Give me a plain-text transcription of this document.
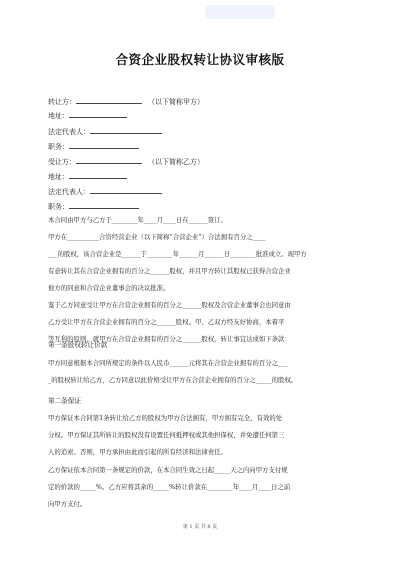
合资企业股权转让协议审核版
转让方：	（以下简称甲方）
地址：
法定代表人：
职务：
受让方：	（以下简称乙方）
地址：
法定代表人：
职务：
本合同由甲方与乙方于________年____月____日在______签订。
甲方在__________合资经营企业（以下简称“合营企业”）合法拥有百分之____
___的股权，该合营企业是______于________年______月______日________批准成立。现甲方
有意转让其在合营企业拥有的百分之______股权，并且甲方转让其股权已获得合营企业
他方的同意和合营企业董事会的决议批准。
鉴于乙方同意受让甲方在合营企业拥有的百分之______股权及合营企业董事会也同意由
乙方受让甲方在合营企业拥有的百分之______股权。甲、乙双方经友好协商，本着平
等互利的原则，就甲方在合营企业拥有的百分之______股权，转让事宜达成如下条款：
第一条股权转让价款
甲方同意根据本合同所规定的条件以人民币______元将其在合营企业拥有的百分之___
_的股权转让给乙方，乙方同意以此价格受让甲方在合营企业拥有的百分之_____的股权。
第二条保证
甲方保证本合同第1条转让给乙方的股权为甲方合法拥有，甲方拥有完全、有效的处
分权。甲方保证其所转让的股权没有设置任何抵押权或其他担保权，并免遭任何第三
人的追索。否则，甲方承担由此而引起的所有经济和法律责任。
乙方保证依本合同第一条规定的价款，在本合同生效之日起_____天之内向甲方支付规
定的价款的_____%。乙方应将其余的_____%转让价款在________年____月____日之前
向甲方支付。
第 1 页 共 8 页
